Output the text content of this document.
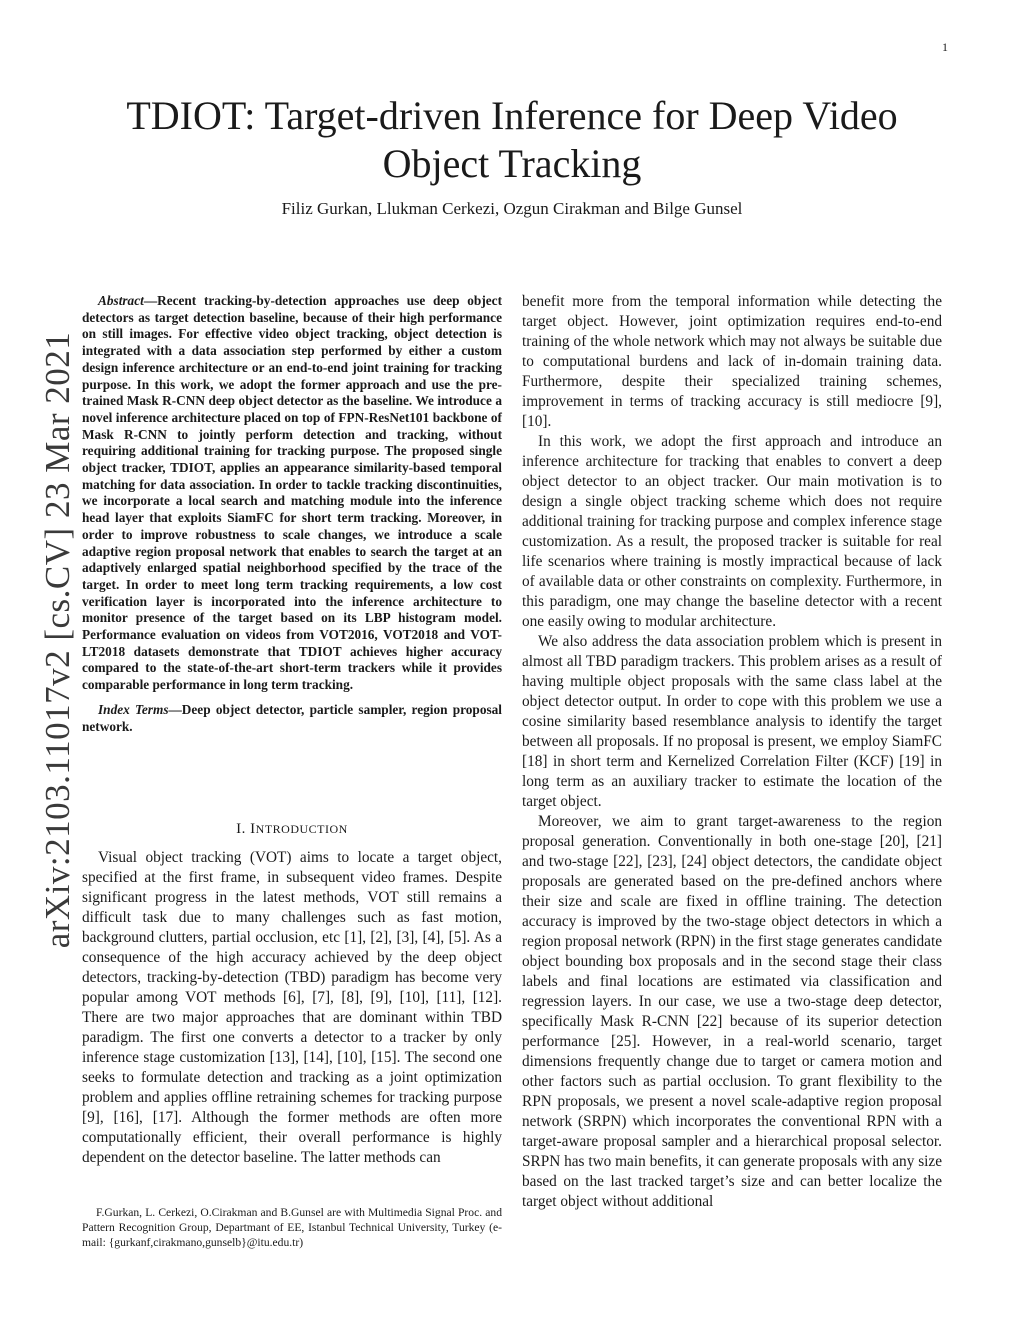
1
arXiv:2103.11017v2 [cs.CV] 23 Mar 2021
TDIOT: Target-driven Inference for Deep Video Object Tracking
Filiz Gurkan, Llukman Cerkezi, Ozgun Cirakman and Bilge Gunsel

Abstract—Recent tracking-by-detection approaches use deep object detectors as target detection baseline, because of their high performance on still images. For effective video object tracking, object detection is integrated with a data association step performed by either a custom design inference architecture or an end-to-end joint training for tracking purpose. In this work, we adopt the former approach and use the pre-trained Mask R-CNN deep object detector as the baseline. We introduce a novel inference architecture placed on top of FPN-ResNet101 backbone of Mask R-CNN to jointly perform detection and tracking, without requiring additional training for tracking purpose. The proposed single object tracker, TDIOT, applies an appearance similarity-based temporal matching for data association. In order to tackle tracking discontinuities, we incorporate a local search and matching module into the inference head layer that exploits SiamFC for short term tracking. Moreover, in order to improve robustness to scale changes, we introduce a scale adaptive region proposal network that enables to search the target at an adaptively enlarged spatial neighborhood specified by the trace of the target. In order to meet long term tracking requirements, a low cost verification layer is incorporated into the inference architecture to monitor presence of the target based on its LBP histogram model. Performance evaluation on videos from VOT2016, VOT2018 and VOT-LT2018 datasets demonstrate that TDIOT achieves higher accuracy compared to the state-of-the-art short-term trackers while it provides comparable performance in long term tracking.

Index Terms—Deep object detector, particle sampler, region proposal network.

I. INTRODUCTION

Visual object tracking (VOT) aims to locate a target object, specified at the first frame, in subsequent video frames. Despite significant progress in the latest methods, VOT still remains a difficult task due to many challenges such as fast motion, background clutters, partial occlusion, etc [1], [2], [3], [4], [5]. As a consequence of the high accuracy achieved by the deep object detectors, tracking-by-detection (TBD) paradigm has become very popular among VOT methods [6], [7], [8], [9], [10], [11], [12]. There are two major approaches that are dominant within TBD paradigm. The first one converts a detector to a tracker by only inference stage customization [13], [14], [10], [15]. The second one seeks to formulate detection and tracking as a joint optimization problem and applies offline retraining schemes for tracking purpose [9], [16], [17]. Although the former methods are often more computationally efficient, their overall performance is highly dependent on the detector baseline. The latter methods can

F.Gurkan, L. Cerkezi, O.Cirakman and B.Gunsel are with Multimedia Signal Proc. and Pattern Recognition Group, Departmant of EE, Istanbul Technical University, Turkey (e-mail: {gurkanf,cirakmano,gunselb}@itu.edu.tr)

benefit more from the temporal information while detecting the target object. However, joint optimization requires end-to-end training of the whole network which may not always be suitable due to computational burdens and lack of in-domain training data. Furthermore, despite their specialized training schemes, improvement in terms of tracking accuracy is still mediocre [9], [10].

In this work, we adopt the first approach and introduce an inference architecture for tracking that enables to convert a deep object detector to an object tracker. Our main motivation is to design a single object tracking scheme which does not require additional training for tracking purpose and complex inference stage customization. As a result, the proposed tracker is suitable for real life scenarios where training is mostly impractical because of lack of available data or other constraints on complexity. Furthermore, in this paradigm, one may change the baseline detector with a recent one easily owing to modular architecture.

We also address the data association problem which is present in almost all TBD paradigm trackers. This problem arises as a result of having multiple object proposals with the same class label at the object detector output. In order to cope with this problem we use a cosine similarity based resemblance analysis to identify the target between all proposals. If no proposal is present, we employ SiamFC [18] in short term and Kernelized Correlation Filter (KCF) [19] in long term as an auxiliary tracker to estimate the location of the target object.

Moreover, we aim to grant target-awareness to the region proposal generation. Conventionally in both one-stage [20], [21] and two-stage [22], [23], [24] object detectors, the candidate object proposals are generated based on the pre-defined anchors where their size and scale are fixed in offline training. The detection accuracy is improved by the two-stage object detectors in which a region proposal network (RPN) in the first stage generates candidate object bounding box proposals and in the second stage their class labels and final locations are estimated via classification and regression layers. In our case, we use a two-stage deep detector, specifically Mask R-CNN [22] because of its superior detection performance [25]. However, in a real-world scenario, target dimensions frequently change due to target or camera motion and other factors such as partial occlusion. To grant flexibility to the RPN proposals, we present a novel scale-adaptive region proposal network (SRPN) which incorporates the conventional RPN with a target-aware proposal sampler and a hierarchical proposal selector. SRPN has two main benefits, it can generate proposals with any size based on the last tracked target’s size and can better localize the target object without additional
